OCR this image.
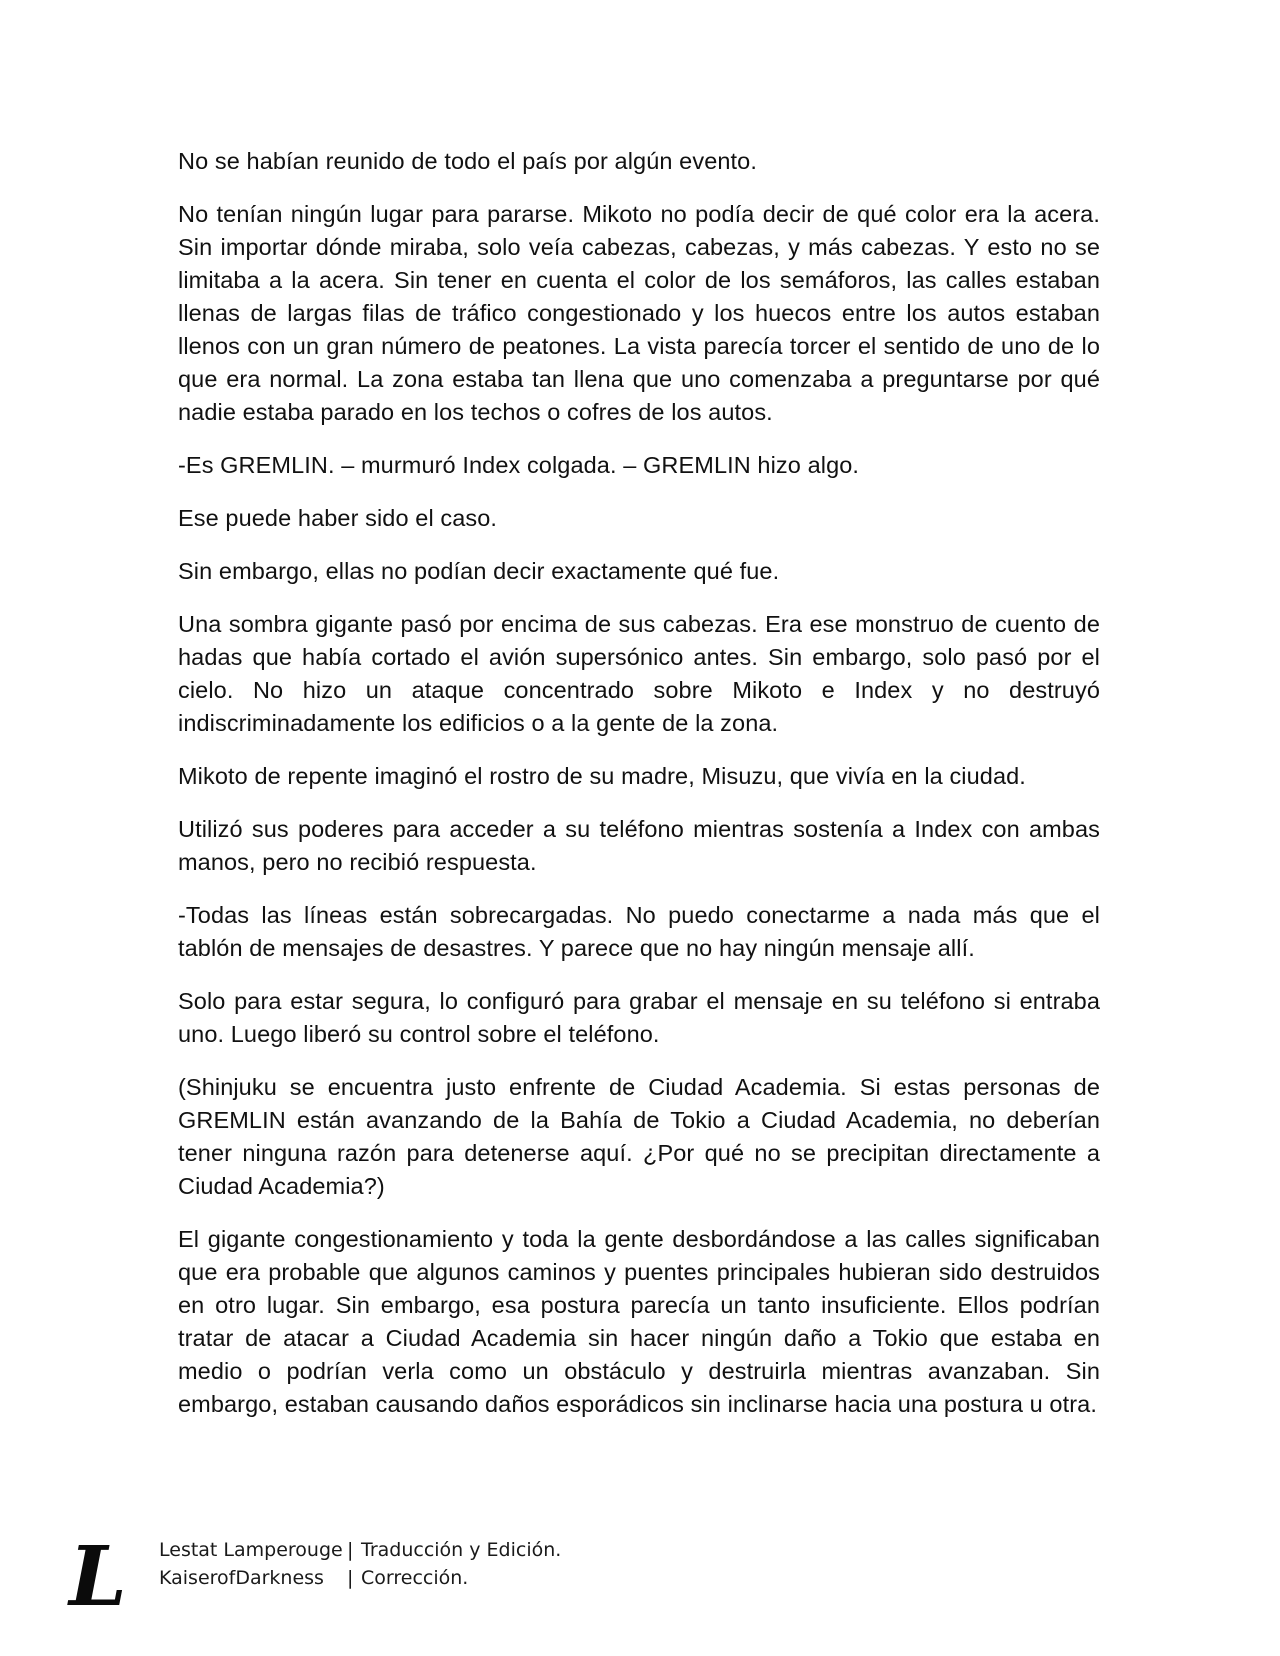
No se habían reunido de todo el país por algún evento.

No tenían ningún lugar para pararse. Mikoto no podía decir de qué color era la acera. Sin importar dónde miraba, solo veía cabezas, cabezas, y más cabezas. Y esto no se limitaba a la acera. Sin tener en cuenta el color de los semáforos, las calles estaban llenas de largas filas de tráfico congestionado y los huecos entre los autos estaban llenos con un gran número de peatones. La vista parecía torcer el sentido de uno de lo que era normal. La zona estaba tan llena que uno comenzaba a preguntarse por qué nadie estaba parado en los techos o cofres de los autos.

-Es GREMLIN. – murmuró Index colgada. – GREMLIN hizo algo.

Ese puede haber sido el caso.

Sin embargo, ellas no podían decir exactamente qué fue.

Una sombra gigante pasó por encima de sus cabezas. Era ese monstruo de cuento de hadas que había cortado el avión supersónico antes. Sin embargo, solo pasó por el cielo. No hizo un ataque concentrado sobre Mikoto e Index y no destruyó indiscriminadamente los edificios o a la gente de la zona.

Mikoto de repente imaginó el rostro de su madre, Misuzu, que vivía en la ciudad.

Utilizó sus poderes para acceder a su teléfono mientras sostenía a Index con ambas manos, pero no recibió respuesta.

-Todas las líneas están sobrecargadas. No puedo conectarme a nada más que el tablón de mensajes de desastres. Y parece que no hay ningún mensaje allí.

Solo para estar segura, lo configuró para grabar el mensaje en su teléfono si entraba uno. Luego liberó su control sobre el teléfono.

(Shinjuku se encuentra justo enfrente de Ciudad Academia. Si estas personas de GREMLIN están avanzando de la Bahía de Tokio a Ciudad Academia, no deberían tener ninguna razón para detenerse aquí. ¿Por qué no se precipitan directamente a Ciudad Academia?)

El gigante congestionamiento y toda la gente desbordándose a las calles significaban que era probable que algunos caminos y puentes principales hubieran sido destruidos en otro lugar. Sin embargo, esa postura parecía un tanto insuficiente. Ellos podrían tratar de atacar a Ciudad Academia sin hacer ningún daño a Tokio que estaba en medio o podrían verla como un obstáculo y destruirla mientras avanzaban. Sin embargo, estaban causando daños esporádicos sin inclinarse hacia una postura u otra.

L Lestat Lamperouge | Traducción y Edición.
KaiserofDarkness | Corrección.
